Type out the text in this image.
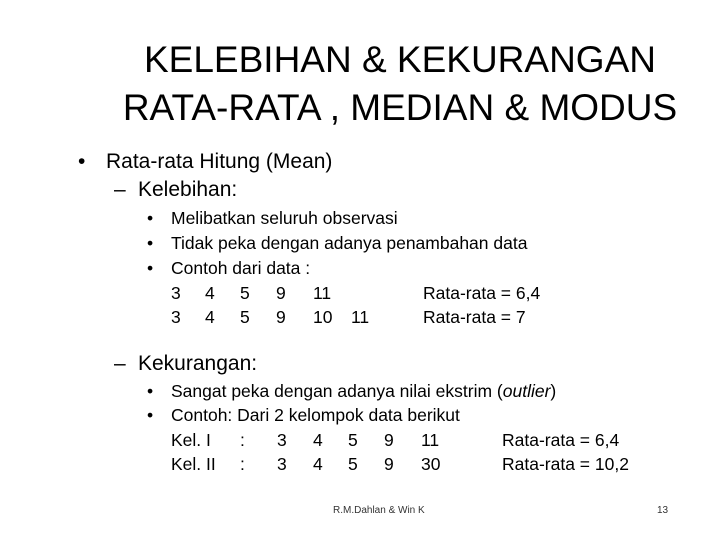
KELEBIHAN & KEKURANGAN
RATA-RATA , MEDIAN & MODUS
• Rata-rata Hitung (Mean)
– Kelebihan:
• Melibatkan seluruh observasi
• Tidak peka dengan adanya penambahan data
• Contoh dari data :
3 4 5 9 11	Rata-rata = 6,4
3 4 5 9 10 11	Rata-rata = 7
– Kekurangan:
• Sangat peka dengan adanya nilai ekstrim (outlier)
• Contoh: Dari 2 kelompok data berikut
Kel. I : 3 4 5 9 11	Rata-rata = 6,4
Kel. II : 3 4 5 9 30	Rata-rata = 10,2
R.M.Dahlan & Win K	13
